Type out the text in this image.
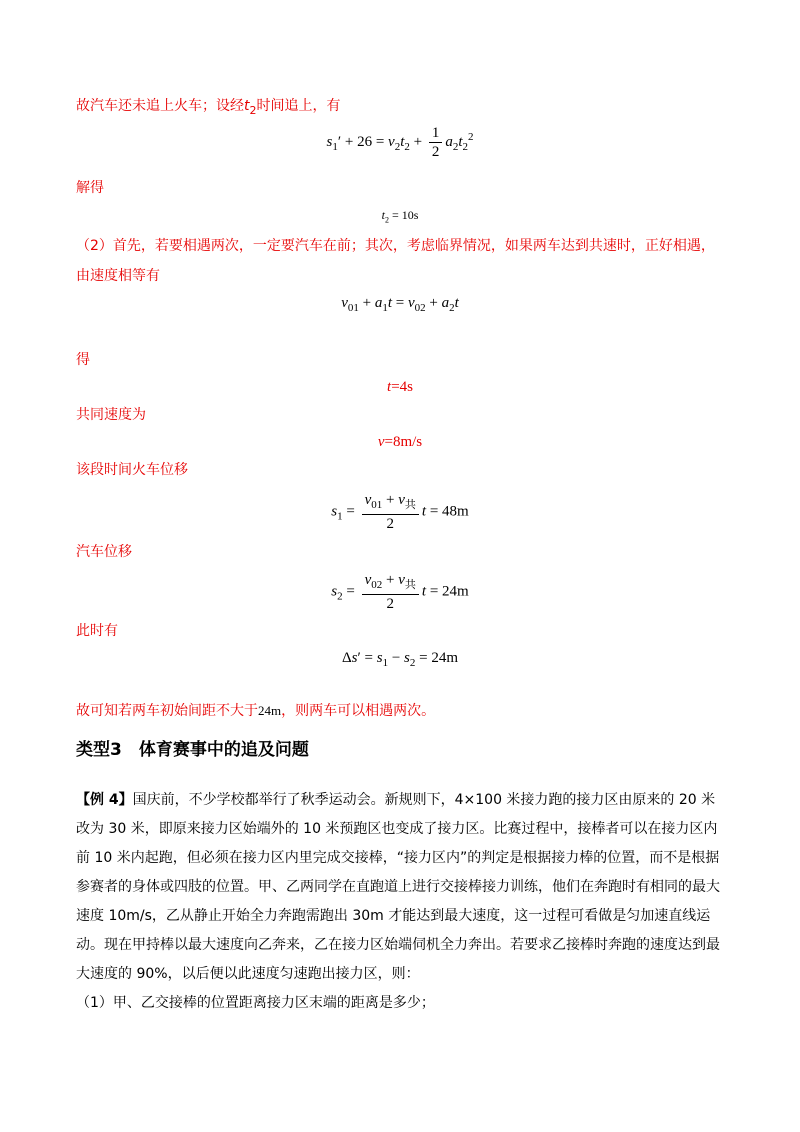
故汽车还未追上火车；设经$t_2$时间追上，有
$s_1' + 26 = v_2t_2 + \frac{1}{2} a_2t_2^2$
解得
$t_2 = 10s$
（2）首先，若要相遇两次，一定要汽车在前；其次，考虑临界情况，如果两车达到共速时，正好相遇，
由速度相等有
$v_{01} + a_1t = v_{02} + a_2t$
得
t=4s
共同速度为
v=8m/s
该段时间火车位移
$s_1 = \frac{v_{01} + v_共}{2}$ t = 48m
汽车位移
$s_2 = \frac{v_{02} + v_共}{2}$ t = 24m
此时有
$\Delta s' = s_1 - s_2 = 24m$
故可知若两车初始间距不大于24m，则两车可以相遇两次。
类型3　体育赛事中的追及问题

【例 4】国庆前，不少学校都举行了秋季运动会。新规则下，4×100 米接力跑的接力区由原来的 20 米改为 30 米，即原来接力区始端外的 10 米预跑区也变成了接力区。比赛过程中，接棒者可以在接力区内前 10 米内起跑，但必须在接力区内里完成交接棒，“接力区内”的判定是根据接力棒的位置，而不是根据参赛者的身体或四肢的位置。甲、乙两同学在直跑道上进行交接棒接力训练，他们在奔跑时有相同的最大速度 10m/s，乙从静止开始全力奔跑需跑出 30m 才能达到最大速度，这一过程可看做是匀加速直线运动。现在甲持棒以最大速度向乙奔来，乙在接力区始端伺机全力奔出。若要求乙接棒时奔跑的速度达到最大速度的 90%，以后便以此速度匀速跑出接力区，则：

（1）甲、乙交接棒的位置距离接力区末端的距离是多少；
